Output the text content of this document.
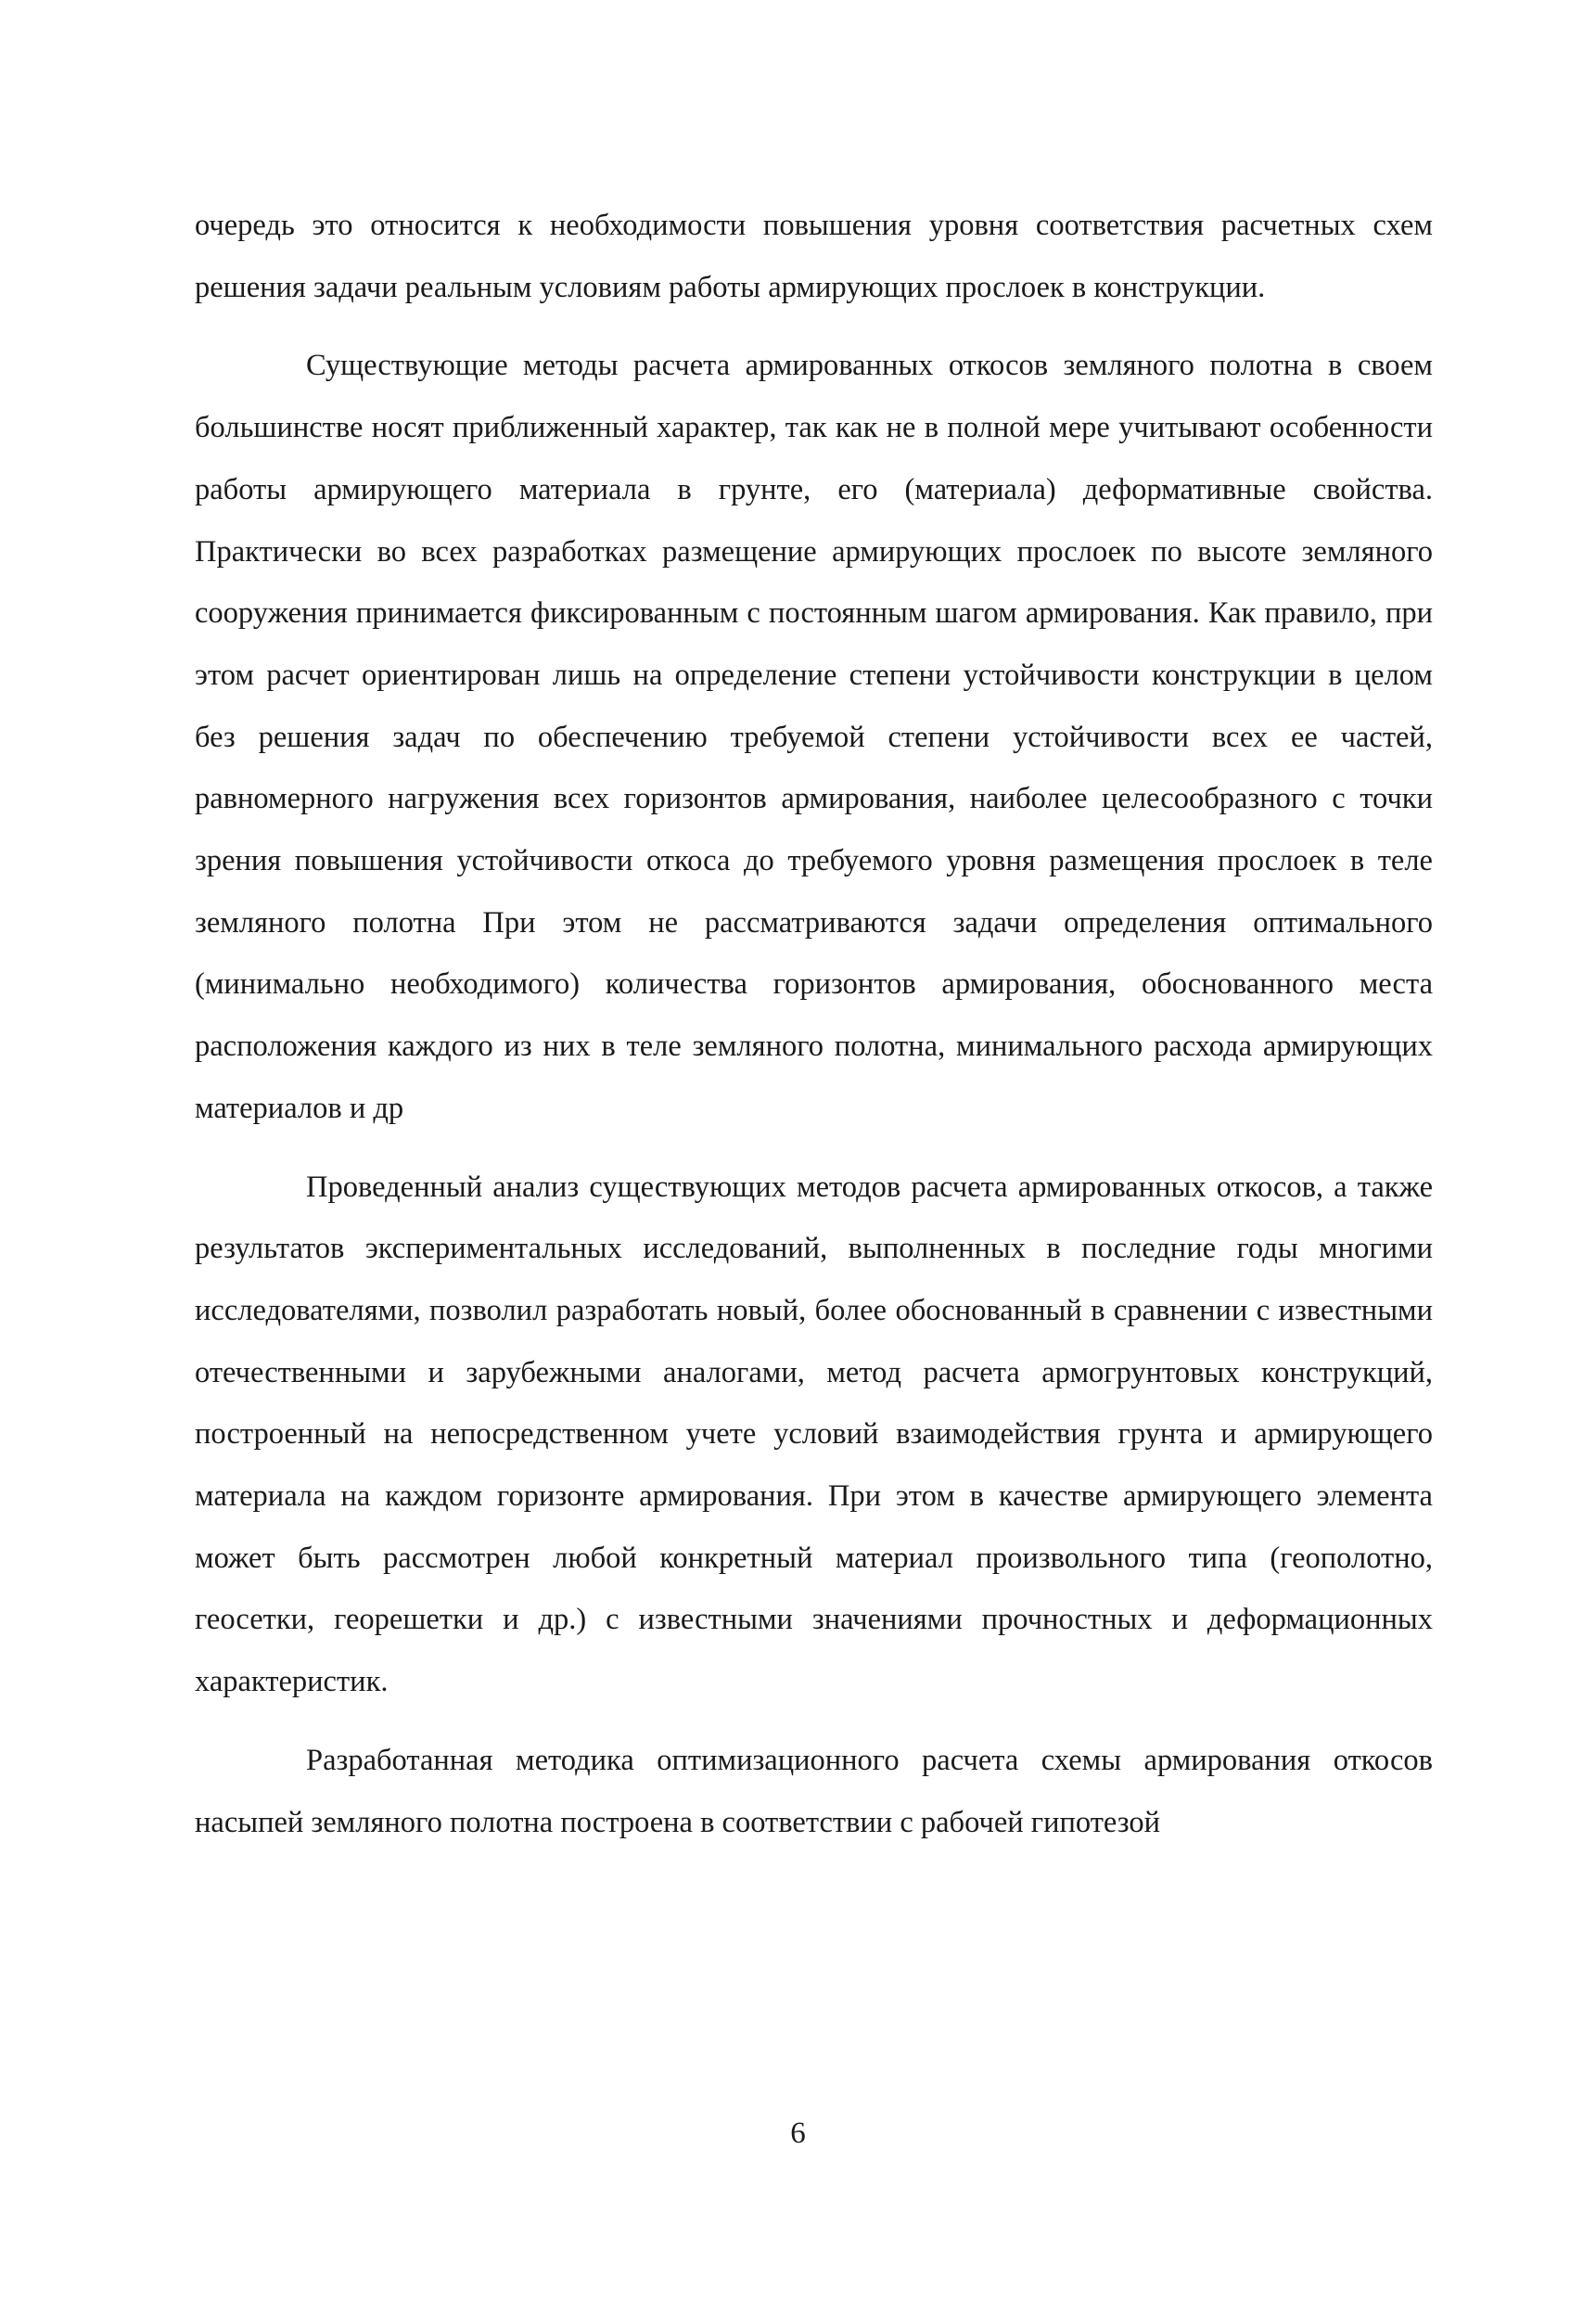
очередь это относится к необходимости повышения уровня соответствия расчетных схем решения задачи реальным условиям работы армирующих прослоек в конструкции.

Существующие методы расчета армированных откосов земляного полотна в своем большинстве носят приближенный характер, так как не в полной мере учитывают особенности работы армирующего материала в грунте, его (материала) деформативные свойства. Практически во всех разработках размещение армирующих прослоек по высоте земляного сооружения принимается фиксированным с постоянным шагом армирования. Как правило, при этом расчет ориентирован лишь на определение степени устойчивости конструкции в целом без решения задач по обеспечению требуемой степени устойчивости всех ее частей, равномерного нагружения всех горизонтов армирования, наиболее целесообразного с точки зрения повышения устойчивости откоса до требуемого уровня размещения прослоек в теле земляного полотна При этом не рассматриваются задачи определения оптимального (минимально необходимого) количества горизонтов армирования, обоснованного места расположения каждого из них в теле земляного полотна, минимального расхода армирующих материалов и др

Проведенный анализ существующих методов расчета армированных откосов, а также результатов экспериментальных исследований, выполненных в последние годы многими исследователями, позволил разработать новый, более обоснованный в сравнении с известными отечественными и зарубежными аналогами, метод расчета армогрунтовых конструкций, построенный на непосредственном учете условий взаимодействия грунта и армирующего материала на каждом горизонте армирования. При этом в качестве армирующего элемента может быть рассмотрен любой конкретный материал произвольного типа (геополотно, геосетки, георешетки и др.) с известными значениями прочностных и деформационных характеристик.

Разработанная методика оптимизационного расчета схемы армирования откосов насыпей земляного полотна построена в соответствии с рабочей гипотезой

6
